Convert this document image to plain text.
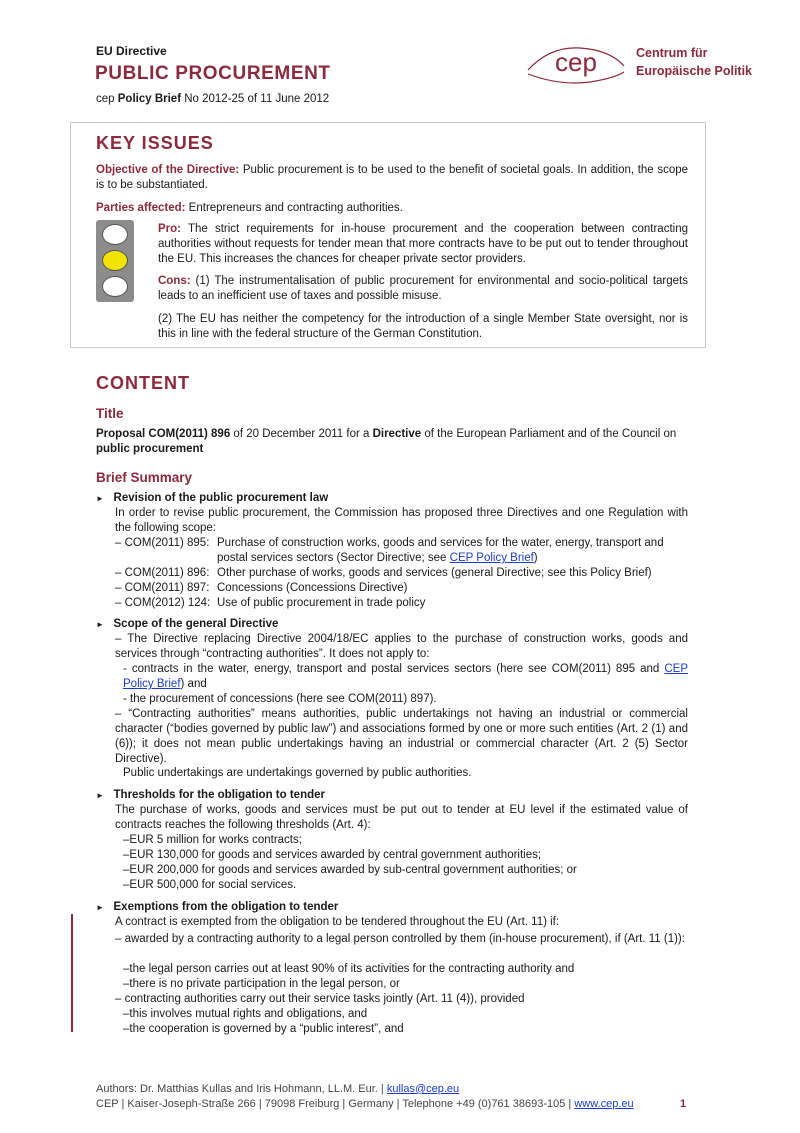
EU Directive
PUBLIC PROCUREMENT
cep Policy Brief No 2012-25 of 11 June 2012
cep	Centrum für
Europäische Politik
KEY ISSUES

Objective of the Directive: Public procurement is to be used to the benefit of societal goals. In addition, the scope is to be substantiated.

Parties affected: Entrepreneurs and contracting authorities.

Pro: The strict requirements for in-house procurement and the cooperation between contracting authorities without requests for tender mean that more contracts have to be put out to tender throughout the EU. This increases the chances for cheaper private sector providers.

Cons: (1) The instrumentalisation of public procurement for environmental and socio-political targets leads to an inefficient use of taxes and possible misuse.

(2) The EU has neither the competency for the introduction of a single Member State oversight, nor is this in line with the federal structure of the German Constitution.

CONTENT
Title

Proposal COM(2011) 896 of 20 December 2011 for a Directive of the European Parliament and of the Council on public procurement

Brief Summary
► Revision of the public procurement law

In order to revise public procurement, the Commission has proposed three Directives and one Regulation with the following scope:

– COM(2011) 895: Purchase of construction works, goods and services for the water, energy, transport and
postal services sectors (Sector Directive; see CEP Policy Brief)
– COM(2011) 896: Other purchase of works, goods and services (general Directive; see this Policy Brief)
– COM(2011) 897: Concessions (Concessions Directive)
– COM(2012) 124: Use of public procurement in trade policy
► Scope of the general Directive

– The Directive replacing Directive 2004/18/EC applies to the purchase of construction works, goods and services through “contracting authorities”. It does not apply to:

- contracts in the water, energy, transport and postal services sectors (here see COM(2011) 895 and CEP Policy Brief) and

- the procurement of concessions (here see COM(2011) 897).

– “Contracting authorities” means authorities, public undertakings not having an industrial or commercial character (“bodies governed by public law”) and associations formed by one or more such entities (Art. 2 (1) and (6)); it does not mean public undertakings having an industrial or commercial character (Art. 2 (5) Sector Directive).

Public undertakings are undertakings governed by public authorities.

► Thresholds for the obligation to tender

The purchase of works, goods and services must be put out to tender at EU level if the estimated value of contracts reaches the following thresholds (Art. 4):

–EUR 5 million for works contracts;
–EUR 130,000 for goods and services awarded by central government authorities;
–EUR 200,000 for goods and services awarded by sub-central government authorities; or
–EUR 500,000 for social services.
► Exemptions from the obligation to tender

A contract is exempted from the obligation to be tendered throughout the EU (Art. 11) if:

– awarded by a contracting authority to a legal person controlled by them (in-house procurement), if (Art. 11 (1)):

–the legal person carries out at least 90% of its activities for the contracting authority and
–there is no private participation in the legal person, or
– contracting authorities carry out their service tasks jointly (Art. 11 (4)), provided
–this involves mutual rights and obligations, and
–the cooperation is governed by a “public interest”, and
Authors: Dr. Matthias Kullas and Iris Hohmann, LL.M. Eur. | kullas@cep.eu
CEP | Kaiser-Joseph-Straße 266 | 79098 Freiburg | Germany | Telephone +49 (0)761 38693-105 | www.cep.eu	1
